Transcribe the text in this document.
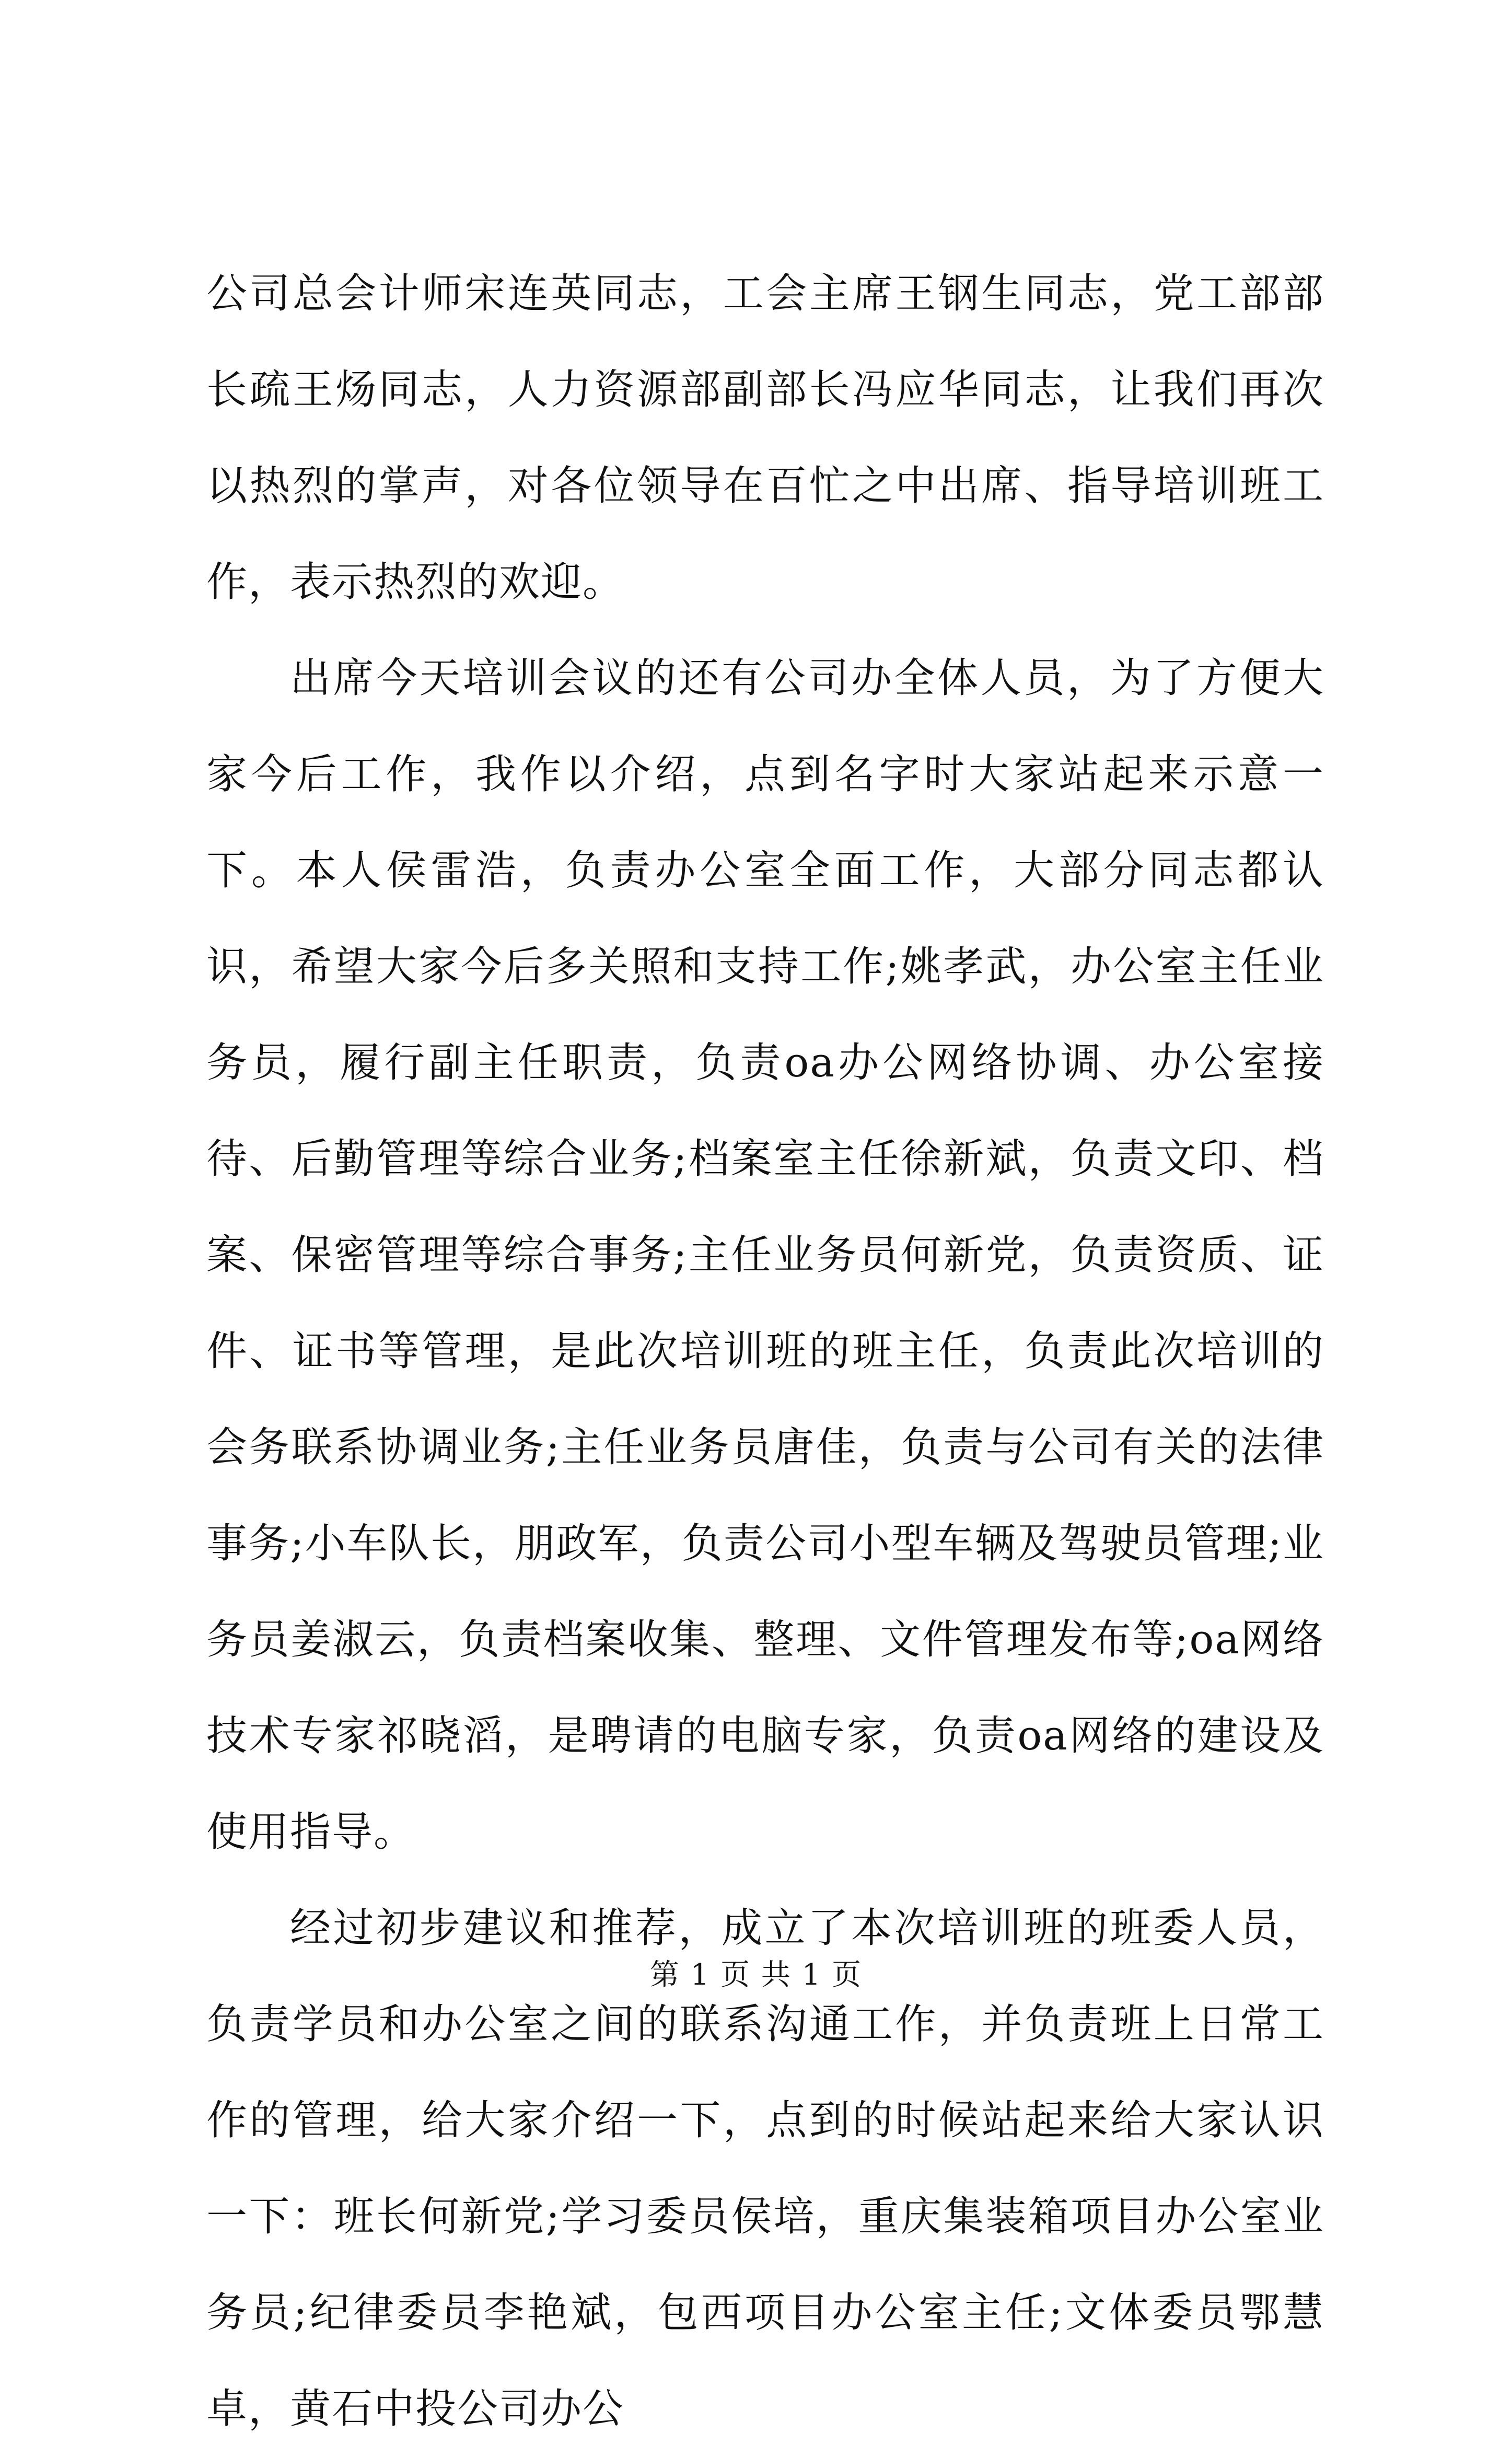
公司总会计师宋连英同志，工会主席王钢生同志，党工部部长疏王炀同志，人力资源部副部长冯应华同志，让我们再次以热烈的掌声，对各位领导在百忙之中出席、指导培训班工作，表示热烈的欢迎。

出席今天培训会议的还有公司办全体人员，为了方便大家今后工作，我作以介绍，点到名字时大家站起来示意一下。本人侯雷浩，负责办公室全面工作，大部分同志都认识，希望大家今后多关照和支持工作;姚孝武，办公室主任业务员，履行副主任职责，负责oa办公网络协调、办公室接待、后勤管理等综合业务;档案室主任徐新斌，负责文印、档案、保密管理等综合事务;主任业务员何新党，负责资质、证件、证书等管理，是此次培训班的班主任，负责此次培训的会务联系协调业务;主任业务员唐佳，负责与公司有关的法律事务;小车队长，朋政军，负责公司小型车辆及驾驶员管理;业务员姜淑云，负责档案收集、整理、文件管理发布等;oa网络技术专家祁晓滔，是聘请的电脑专家，负责oa网络的建设及使用指导。

经过初步建议和推荐，成立了本次培训班的班委人员，负责学员和办公室之间的联系沟通工作，并负责班上日常工作的管理，给大家介绍一下，点到的时候站起来给大家认识一下：班长何新党;学习委员侯培，重庆集装箱项目办公室业务员;纪律委员李艳斌，包西项目办公室主任;文体委员鄂慧卓，黄石中投公司办公

第 1 页 共 1 页
